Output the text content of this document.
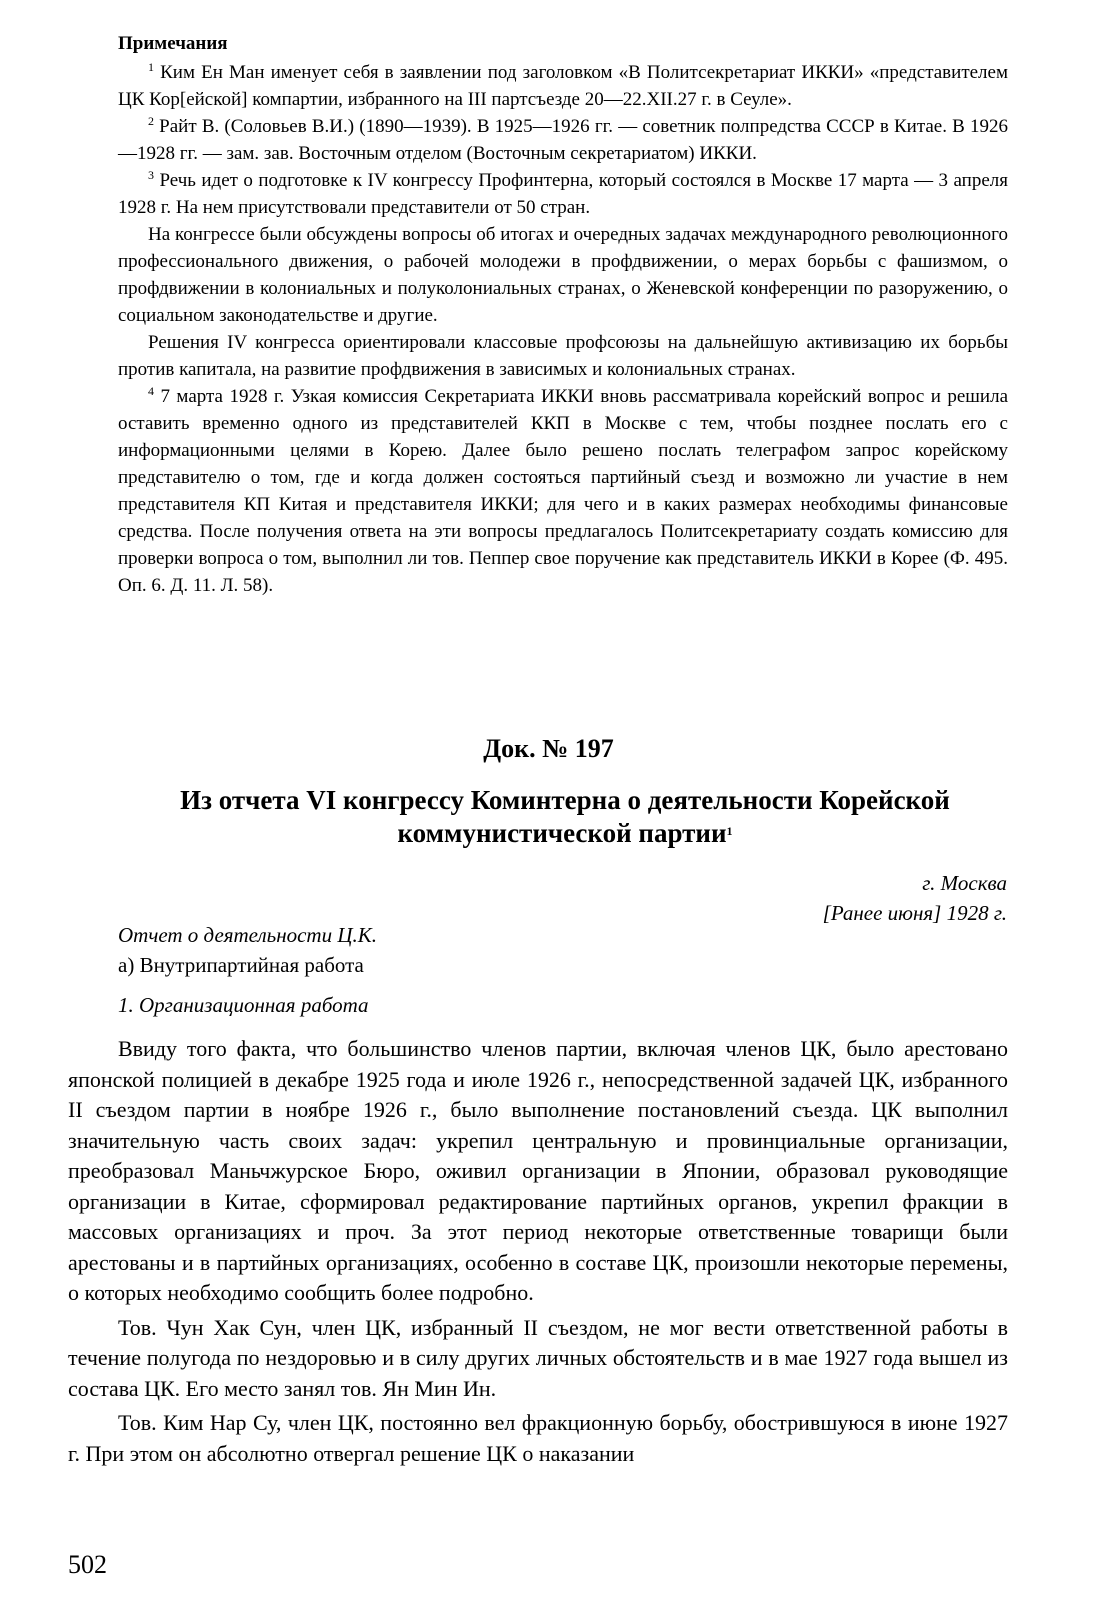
Примечания

$^1$ Ким Ен Ман именует себя в заявлении под заголовком «В Политсекретариат ИККИ» «представителем ЦК Кор[ейской] компартии, избранного на III партсъезде 20—22.XII.27 г. в Сеуле».

$^2$ Райт В. (Соловьев В.И.) (1890—1939). В 1925—1926 гг. — советник полпредства СССР в Китае. В 1926—1928 гг. — зам. зав. Восточным отделом (Восточным секретариатом) ИККИ.

$^3$ Речь идет о подготовке к IV конгрессу Профинтерна, который состоялся в Москве 17 марта — 3 апреля 1928 г. На нем присутствовали представители от 50 стран.

На конгрессе были обсуждены вопросы об итогах и очередных задачах международного революционного профессионального движения, о рабочей молодежи в профдвижении, о мерах борьбы с фашизмом, о профдвижении в колониальных и полуколониальных странах, о Женевской конференции по разоружению, о социальном законодательстве и другие.

Решения IV конгресса ориентировали классовые профсоюзы на дальнейшую активизацию их борьбы против капитала, на развитие профдвижения в зависимых и колониальных странах.

$^4$ 7 марта 1928 г. Узкая комиссия Секретариата ИККИ вновь рассматривала корейский вопрос и решила оставить временно одного из представителей ККП в Москве с тем, чтобы позднее послать его с информационными целями в Корею. Далее было решено послать телеграфом запрос корейскому представителю о том, где и когда должен состояться партийный съезд и возможно ли участие в нем представителя КП Китая и представителя ИККИ; для чего и в каких размерах необходимы финансовые средства. После получения ответа на эти вопросы предлагалось Политсекретариату создать комиссию для проверки вопроса о том, выполнил ли тов. Пеппер свое поручение как представитель ИККИ в Корее (Ф. 495. Оп. 6. Д. 11. Л. 58).

Док. № 197
Из отчета VI конгрессу Коминтерна о деятельности Корейской коммунистической партии$^1$
г. Москва
[Ранее июня] 1928 г.
Отчет о деятельности Ц.К.
а) Внутрипартийная работа
1. Организационная работа

Ввиду того факта, что большинство членов партии, включая членов ЦК, было арестовано японской полицией в декабре 1925 года и июле 1926 г., непосредственной задачей ЦК, избранного II съездом партии в ноябре 1926 г., было выполнение постановлений съезда. ЦК выполнил значительную часть своих задач: укрепил центральную и провинциальные организации, преобразовал Маньчжурское Бюро, оживил организации в Японии, образовал руководящие организации в Китае, сформировал редактирование партийных органов, укрепил фракции в массовых организациях и проч. За этот период некоторые ответственные товарищи были арестованы и в партийных организациях, особенно в составе ЦК, произошли некоторые перемены, о которых необходимо сообщить более подробно.

Тов. Чун Хак Сун, член ЦК, избранный II съездом, не мог вести ответственной работы в течение полугода по нездоровью и в силу других личных обстоятельств и в мае 1927 года вышел из состава ЦК. Его место занял тов. Ян Мин Ин.

Тов. Ким Нар Су, член ЦК, постоянно вел фракционную борьбу, обострившуюся в июне 1927 г. При этом он абсолютно отвергал решение ЦК о наказании

502
